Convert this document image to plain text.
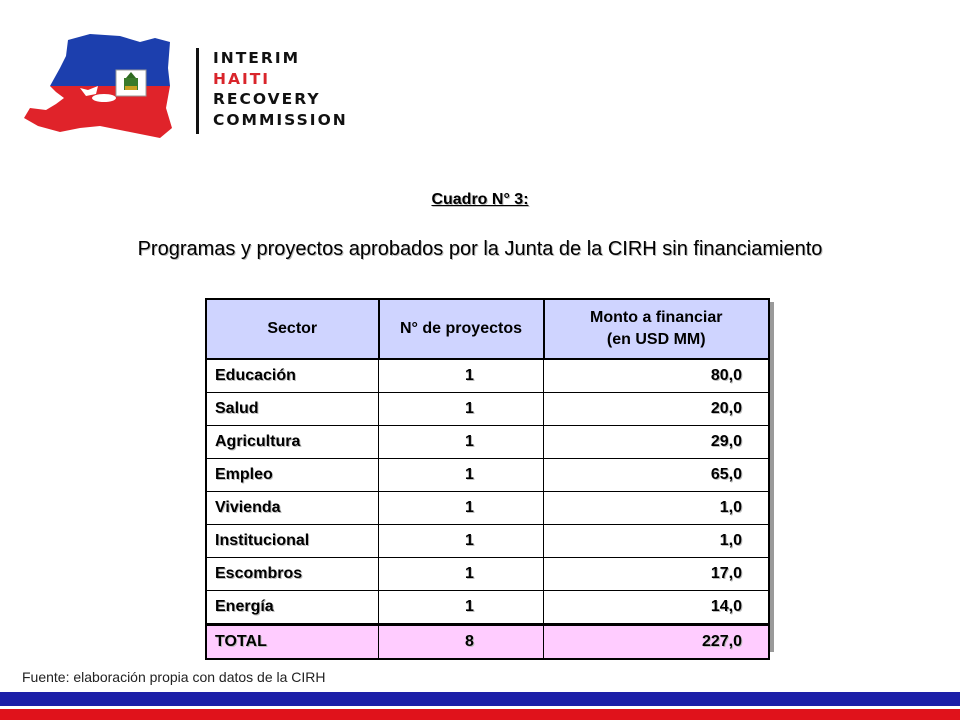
INTERIM
HAITI
RECOVERY
COMMISSION
Cuadro N° 3:
Programas y proyectos aprobados por la Junta de la CIRH sin financiamiento
Sector	N° de proyectos	Monto a financiar
(en USD MM)

Educación	1	80,0
Salud	1	20,0
Agricultura	1	29,0
Empleo	1	65,0
Vivienda	1	1,0
Institucional	1	1,0
Escombros	1	17,0
Energía	1	14,0
TOTAL	8	227,0
Fuente: elaboración propia con datos de la CIRH
